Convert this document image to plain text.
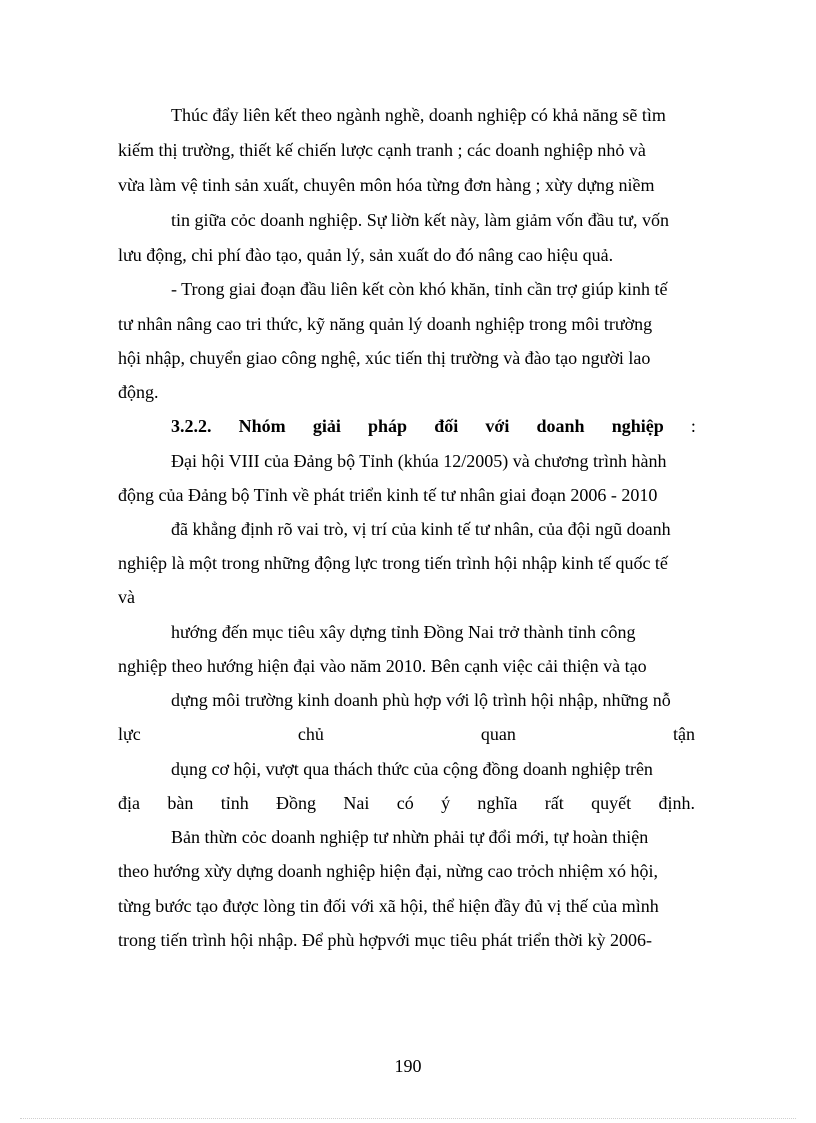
Thúc đẩy liên kết theo ngành nghề, doanh nghiệp có khả năng sẽ tìm
kiếm thị trường, thiết kế chiến lược cạnh tranh ; các doanh nghiệp nhỏ và
vừa làm vệ tinh sản xuất, chuyên môn hóa từng đơn hàng ; xừy dựng niềm
tin giữa cỏc doanh nghiệp. Sự liờn kết này, làm giảm vốn đầu tư, vốn
lưu động, chi phí đào tạo, quản lý, sản xuất do đó nâng cao hiệu quả.
- Trong giai đoạn đầu liên kết còn khó khăn, tỉnh cần trợ giúp kinh tế
tư nhân nâng cao tri thức, kỹ năng quản lý doanh nghiệp trong môi trường
hội nhập, chuyển giao công nghệ, xúc tiến thị trường và đào tạo người lao
động.
3.2.2. Nhóm giải pháp đối với doanh nghiệp :
Đại hội VIII của Đảng bộ Tỉnh (khúa 12/2005) và chương trình hành
động của Đảng bộ Tỉnh về phát triển kinh tế tư nhân giai đoạn 2006 - 2010
đã khẳng định rõ vai trò, vị trí của kinh tế tư nhân, của đội ngũ doanh
nghiệp là một trong những động lực trong tiến trình hội nhập kinh tế quốc tế
và
hướng đến mục tiêu xây dựng tỉnh Đồng Nai trở thành tỉnh công
nghiệp theo hướng hiện đại vào năm 2010. Bên cạnh việc cải thiện và tạo
dựng môi trường kinh doanh phù hợp với lộ trình hội nhập, những nỗ
lực	chủ	quan	tận
dụng cơ hội, vượt qua thách thức của cộng đồng doanh nghiệp trên
địa bàn tỉnh Đồng Nai có ý nghĩa rất quyết định.
Bản thừn cỏc doanh nghiệp tư nhừn phải tự đổi mới, tự hoàn thiện
theo hướng xừy dựng doanh nghiệp hiện đại, nừng cao trỏch nhiệm xó hội,
từng bước tạo được lòng tin đối với xã hội, thể hiện đầy đủ vị thế của mình
trong tiến trình hội nhập. Để phù hợpvới mục tiêu phát triển thời kỳ 2006-
190
